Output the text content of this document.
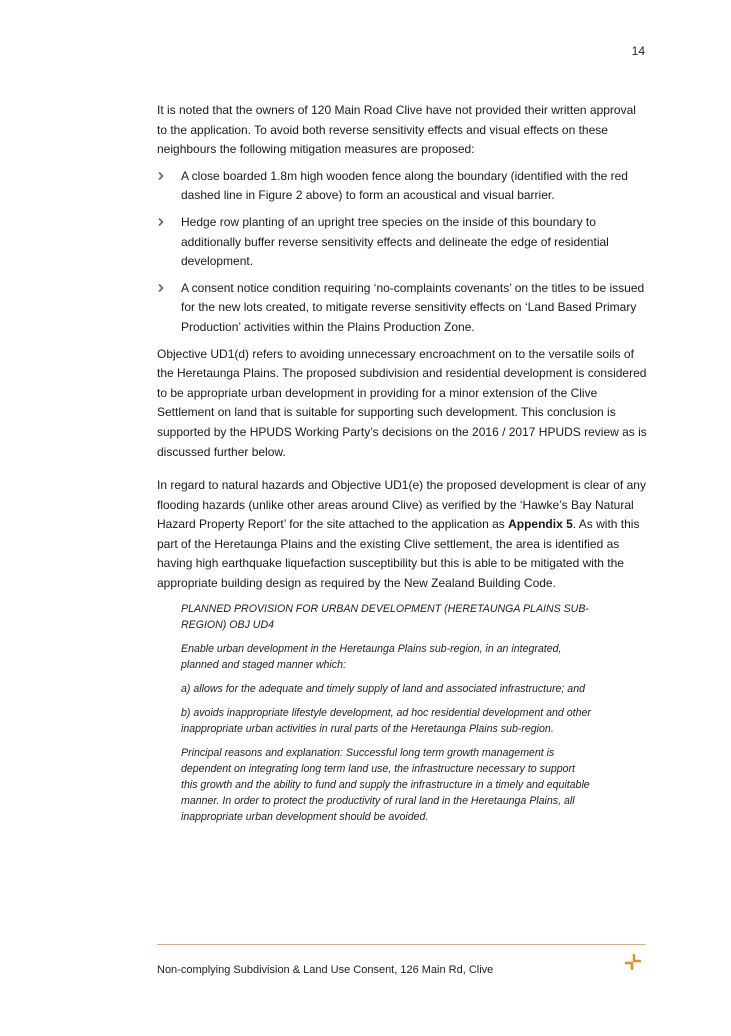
14

It is noted that the owners of 120 Main Road Clive have not provided their written approval to the application. To avoid both reverse sensitivity effects and visual effects on these neighbours the following mitigation measures are proposed:

A close boarded 1.8m high wooden fence along the boundary (identified with the red dashed line in Figure 2 above) to form an acoustical and visual barrier.
Hedge row planting of an upright tree species on the inside of this boundary to additionally buffer reverse sensitivity effects and delineate the edge of residential development.
A consent notice condition requiring ‘no-complaints covenants’ on the titles to be issued for the new lots created, to mitigate reverse sensitivity effects on ‘Land Based Primary Production’ activities within the Plains Production Zone.

Objective UD1(d) refers to avoiding unnecessary encroachment on to the versatile soils of the Heretaunga Plains. The proposed subdivision and residential development is considered to be appropriate urban development in providing for a minor extension of the Clive Settlement on land that is suitable for supporting such development. This conclusion is supported by the HPUDS Working Party’s decisions on the 2016 / 2017 HPUDS review as is discussed further below.

In regard to natural hazards and Objective UD1(e) the proposed development is clear of any flooding hazards (unlike other areas around Clive) as verified by the ‘Hawke’s Bay Natural Hazard Property Report’ for the site attached to the application as Appendix 5. As with this part of the Heretaunga Plains and the existing Clive settlement, the area is identified as having high earthquake liquefaction susceptibility but this is able to be mitigated with the appropriate building design as required by the New Zealand Building Code.

PLANNED PROVISION FOR URBAN DEVELOPMENT (HERETAUNGA PLAINS SUB-REGION) OBJ UD4

Enable urban development in the Heretaunga Plains sub-region, in an integrated, planned and staged manner which:

a) allows for the adequate and timely supply of land and associated infrastructure; and

b) avoids inappropriate lifestyle development, ad hoc residential development and other inappropriate urban activities in rural parts of the Heretaunga Plains sub-region.

Principal reasons and explanation: Successful long term growth management is dependent on integrating long term land use, the infrastructure necessary to support this growth and the ability to fund and supply the infrastructure in a timely and equitable manner. In order to protect the productivity of rural land in the Heretaunga Plains, all inappropriate urban development should be avoided.

Non-complying Subdivision & Land Use Consent, 126 Main Rd, Clive
